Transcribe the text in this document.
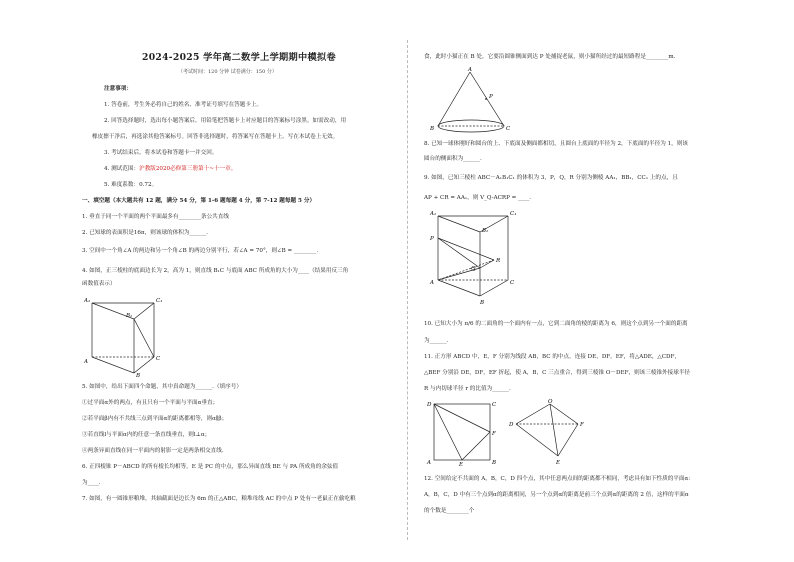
2024-2025 学年高二数学上学期期中模拟卷
（考试时间：120 分钟 试卷满分：150 分）
注意事项：
1. 答卷前，考生务必将自己的姓名、准考证号填写在答题卡上。
2. 回答选择题时，选出每小题答案后，用铅笔把答题卡上对应题目的答案标号涂黑。如需改动，用
橡皮擦干净后，再选涂其他答案标号。回答非选择题时，将答案写在答题卡上。写在本试卷上无效。
3. 考试结束后，将本试卷和答题卡一并交回。
4. 测试范围：沪教版2020必修第三册第十~十一章。
5. 难度系数：0.72。
一、填空题（本大题共有 12 题，满分 54 分，第 1-6 题每题 4 分，第 7-12 题每题 5 分）
1. 垂直于同一个平面的两个平面最多有________条公共直线
2. 已知球的表面积是16π，则该球的体积为______.
3. 空间中一个角∠A 的两边和另一个角∠B 的两边分别平行，若∠A = 70°，则∠B = ________.
4. 如图，正三棱柱的底面边长为 2，高为 1，则直线 B₁C 与底面 ABC 所成角的大小为____（结果用反三角
函数值表示）
A₁	C₁
B₁
A	C
B
5. 如图中，给出下面四个命题，其中真命题为______.（填序号）
①过平面α外的两点，有且只有一个平面与平面α垂直；
②若平面β内有不共线三点到平面α的距离都相等，则α∥β；
③若直线l与平面α内的任意一条直线垂直，则l⊥α；
④两条异面直线在同一平面内的射影一定是两条相交直线.
6. 正四棱锥 P－ABCD 的所有棱长均相等，E 是 PC 的中点，那么异面直线 BE 与 PA 所成角的余弦值
为____.
7. 如图，有一圆锥形粮堆，其轴截面是边长为 6m 的正△ABC，粮堆母线 AC 的中点 P 处有一老鼠正在偷吃粮
食，此时小猫正在 B 处，它要沿圆锥侧面到达 P 处捕捉老鼠，则小猫所经过的最短路程是________m.
A
P
B	C
8. 已知一球体刚好和圆台的上、下底面及侧面都相切，且圆台上底面的半径为 2，下底面的半径为 1，则该
圆台的侧面积为______.
9. 如图，已知三棱柱 ABC－A₁B₁C₁ 的体积为 3，P，Q，R 分别为侧棱 AA₁，BB₁，CC₁ 上的点，且
AP + CR = AA₁，则 V_Q-ACRP = ____.
A₁	C₁
B₁
P
R
Q
A	C
B
10. 已知大小为 π/6 的二面角的一个面内有一点，它到二面角的棱的距离为 6，则这个点到另一个面的距离
为______.
11. 正方形 ABCD 中，E，F 分别为线段 AB，BC 的中点，连接 DE，DF，EF，将△ADE，△CDF，
△BEF 分别沿 DE，DF，EF 折起，使 A，B，C 三点重合，得到三棱锥 O－DEF，则该三棱锥外接球半径
R 与内切球半径 r 的比值为______.
D	C
F
A	E	B
O
D	F
E
12. 空间给定不共面的 A，B，C，D 四个点，其中任意两点间的距离都不相同，考虑具有如下性质的平面α：
A，B，C，D 中有三个点到α的距离相同，另一个点到α的距离是前三个点到α的距离的 2 倍，这样的平面α
的个数是________个
